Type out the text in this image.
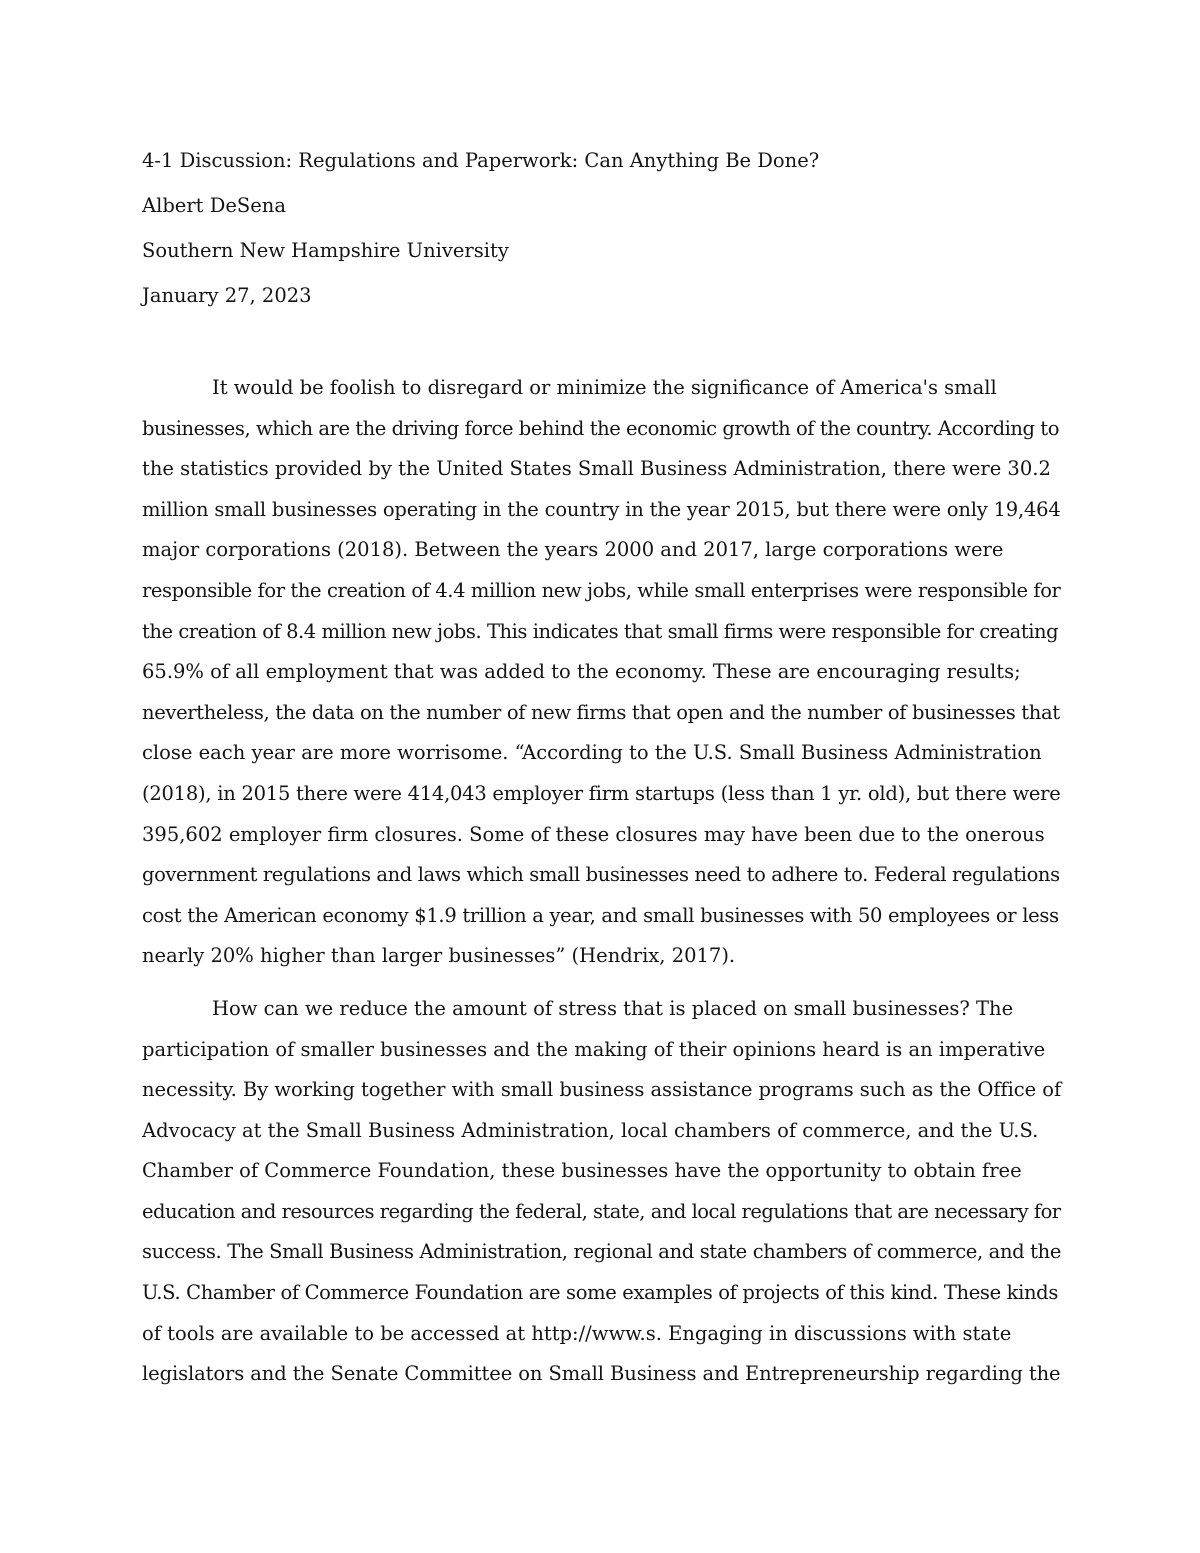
4-1 Discussion: Regulations and Paperwork: Can Anything Be Done?

Albert DeSena

Southern New Hampshire University

January 27, 2023

It would be foolish to disregard or minimize the significance of America's small
businesses, which are the driving force behind the economic growth of the country. According to
the statistics provided by the United States Small Business Administration, there were 30.2
million small businesses operating in the country in the year 2015, but there were only 19,464
major corporations (2018). Between the years 2000 and 2017, large corporations were
responsible for the creation of 4.4 million new jobs, while small enterprises were responsible for
the creation of 8.4 million new jobs. This indicates that small firms were responsible for creating
65.9% of all employment that was added to the economy. These are encouraging results;
nevertheless, the data on the number of new firms that open and the number of businesses that
close each year are more worrisome. “According to the U.S. Small Business Administration
(2018), in 2015 there were 414,043 employer firm startups (less than 1 yr. old), but there were
395,602 employer firm closures. Some of these closures may have been due to the onerous
government regulations and laws which small businesses need to adhere to. Federal regulations
cost the American economy $1.9 trillion a year, and small businesses with 50 employees or less
nearly 20% higher than larger businesses” (Hendrix, 2017).
How can we reduce the amount of stress that is placed on small businesses? The
participation of smaller businesses and the making of their opinions heard is an imperative
necessity. By working together with small business assistance programs such as the Office of
Advocacy at the Small Business Administration, local chambers of commerce, and the U.S.
Chamber of Commerce Foundation, these businesses have the opportunity to obtain free
education and resources regarding the federal, state, and local regulations that are necessary for
success. The Small Business Administration, regional and state chambers of commerce, and the
U.S. Chamber of Commerce Foundation are some examples of projects of this kind. These kinds
of tools are available to be accessed at http://www.s. Engaging in discussions with state
legislators and the Senate Committee on Small Business and Entrepreneurship regarding the
